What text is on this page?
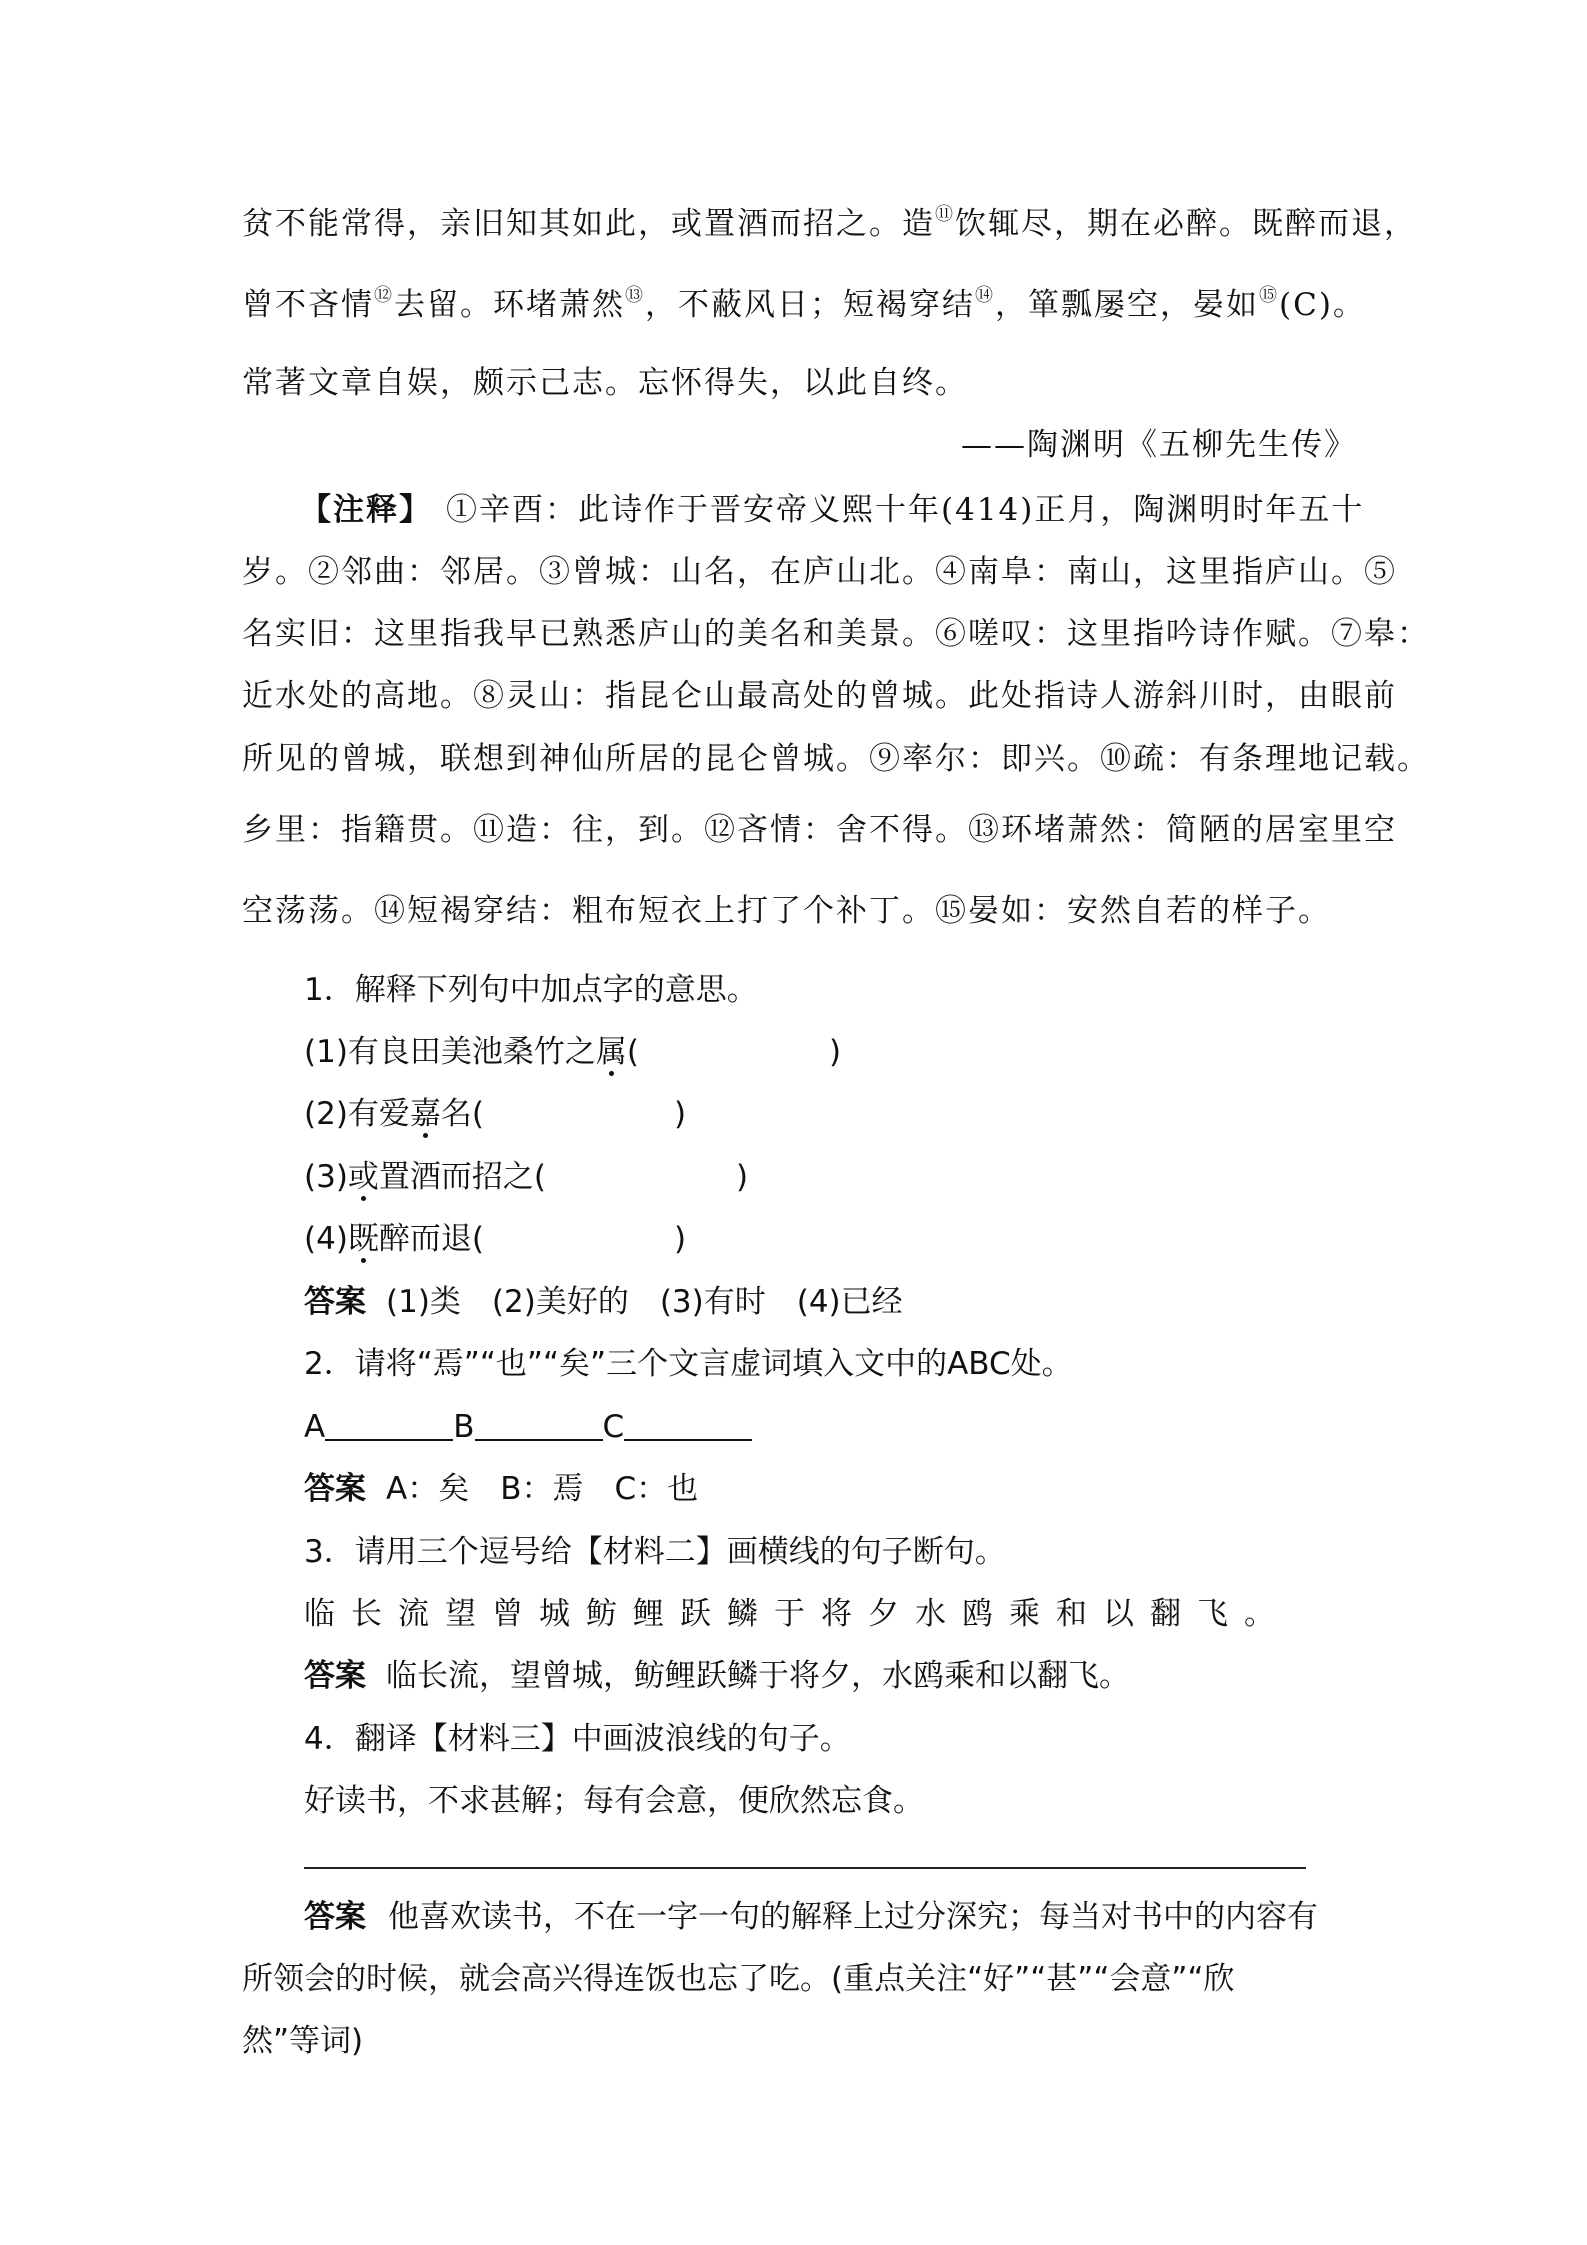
贫不能常得，亲旧知其如此，或置酒而招之。造⑪饮辄尽，期在必醉。既醉而退，
曾不吝情⑫去留。环堵萧然⑬，不蔽风日；短褐穿结⑭，箪瓢屡空，晏如⑮(C)。
常著文章自娱，颇示己志。忘怀得失，以此自终。
——陶渊明《五柳先生传》
【注释】 ①辛酉：此诗作于晋安帝义熙十年(414)正月，陶渊明时年五十
岁。②邻曲：邻居。③曾城：山名，在庐山北。④南阜：南山，这里指庐山。⑤
名实旧：这里指我早已熟悉庐山的美名和美景。⑥嗟叹：这里指吟诗作赋。⑦皋：
近水处的高地。⑧灵山：指昆仑山最高处的曾城。此处指诗人游斜川时，由眼前
所见的曾城，联想到神仙所居的昆仑曾城。⑨率尔：即兴。⑩疏：有条理地记载。
乡里：指籍贯。⑪造：往，到。⑫吝情：舍不得。⑬环堵萧然：简陋的居室里空
空荡荡。⑭短褐穿结：粗布短衣上打了个补丁。⑮晏如：安然自若的样子。
1．解释下列句中加点字的意思。
(1)有良田美池桑竹之属(	)
(2)有爱嘉名(	)
(3)或置酒而招之(	)
(4)既醉而退(	)
答案 (1)类　(2)美好的　(3)有时　(4)已经
2．请将“焉”“也”“矣”三个文言虚词填入文中的ABC处。
A	B	C
答案 A：矣　B：焉　C：也
3．请用三个逗号给【材料二】画横线的句子断句。
临长流望曾城鲂鲤跃鳞于将夕水鸥乘和以翻飞。
答案 临长流，望曾城，鲂鲤跃鳞于将夕，水鸥乘和以翻飞。
4．翻译【材料三】中画波浪线的句子。
好读书，不求甚解；每有会意，便欣然忘食。
答案 他喜欢读书，不在一字一句的解释上过分深究；每当对书中的内容有
所领会的时候，就会高兴得连饭也忘了吃。(重点关注“好”“甚”“会意”“欣
然”等词)
